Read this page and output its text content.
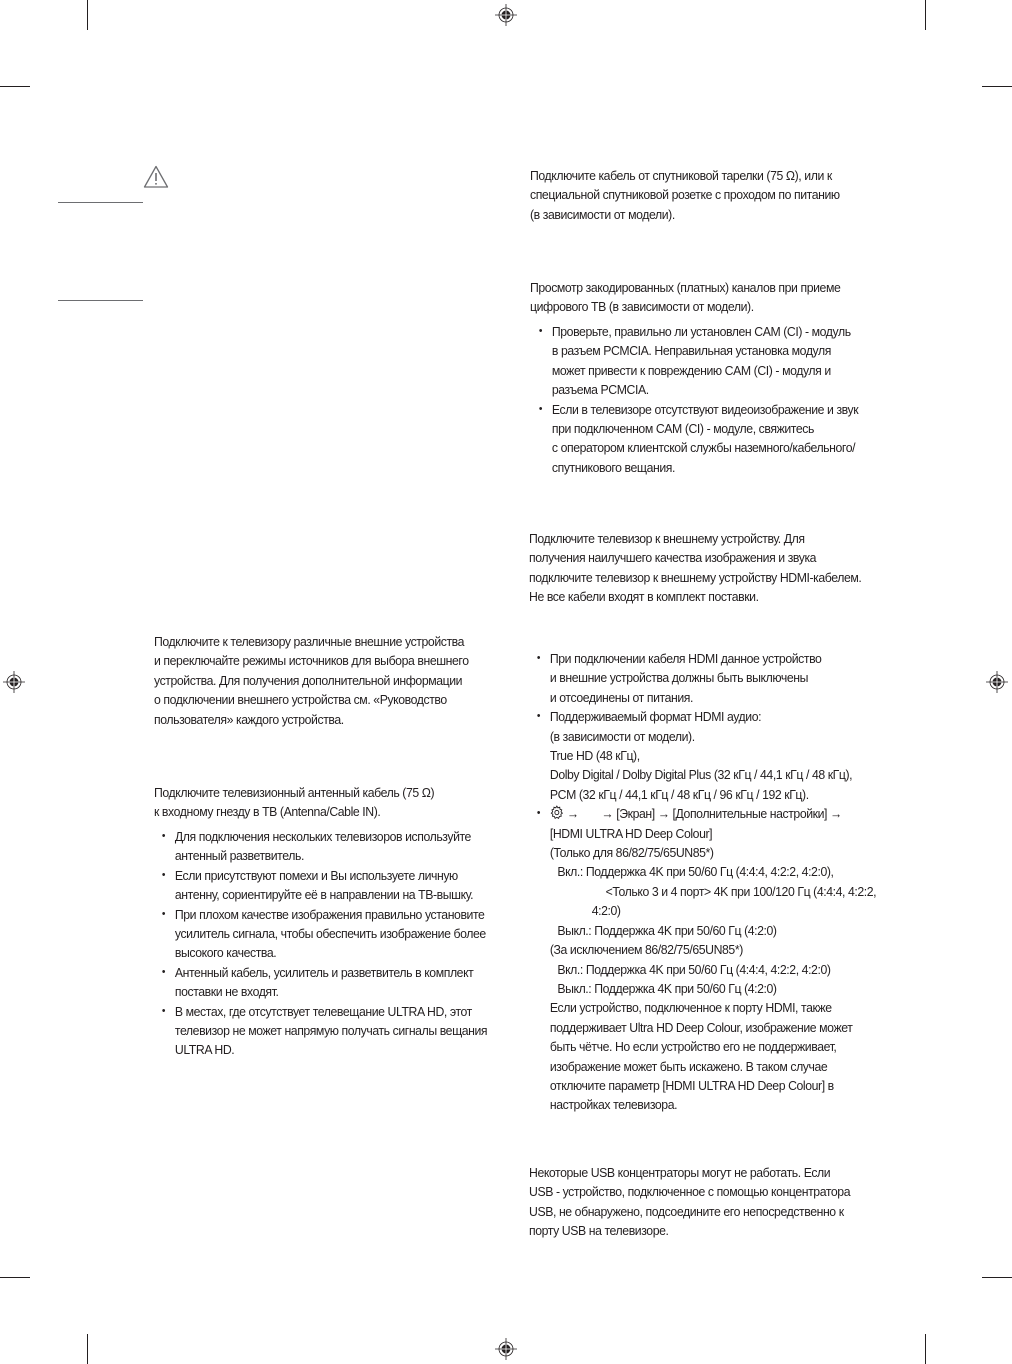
Подключите к телевизору различные внешние устройства
и переключайте режимы источников для выбора внешнего
устройства. Для получения дополнительной информации
о подключении внешнего устройства см. «Руководство
пользователя» каждого устройства.
Подключите телевизионный антенный кабель (75 Ω)
к входному гнезду в ТВ (Antenna/Cable IN).
• Для подключения нескольких телевизоров используйте
антенный разветвитель.
• Если присутствуют помехи и Вы используете личную
антенну, сориентируйте её в направлении на ТВ-вышку.
• При плохом качестве изображения правильно установите
усилитель сигнала, чтобы обеспечить изображение более
высокого качества.
• Антенный кабель, усилитель и разветвитель в комплект
поставки не входят.
• В местах, где отсутствует телевещание ULTRA HD, этот
телевизор не может напрямую получать сигналы вещания
ULTRA HD.
Подключите кабель от спутниковой тарелки (75 Ω), или к
специальной спутниковой розетке с проходом по питанию
(в зависимости от модели).
Просмотр закодированных (платных) каналов при приеме
цифрового ТВ (в зависимости от модели).
• Проверьте, правильно ли установлен CAM (CI) - модуль
в разъем PCMCIA. Неправильная установка модуля
может привести к повреждению CAM (CI) - модуля и
разъема PCMCIA.
• Если в телевизоре отсутствуют видеоизображение и звук
при подключенном CAM (CI) - модуле, свяжитесь
с оператором клиентской службы наземного/кабельного/
спутникового вещания.
Подключите телевизор к внешнему устройству. Для
получения наилучшего качества изображения и звука
подключите телевизор к внешнему устройству HDMI-кабелем.
Не все кабели входят в комплект поставки.
• При подключении кабеля HDMI данное устройство
и внешние устройства должны быть выключены
и отсоединены от питания.
• Поддерживаемый формат HDMI аудио:
(в зависимости от модели).
True HD (48 кГц),
Dolby Digital / Dolby Digital Plus (32 кГц / 44,1 кГц / 48 кГц),
PCM (32 кГц / 44,1 кГц / 48 кГц / 96 кГц / 192 кГц).
• → → [Экран] → [Дополнительные настройки] →
[HDMI ULTRA HD Deep Colour]
(Только для 86/82/75/65UN85*)
Вкл.: Поддержка 4K при 50/60 Гц (4:4:4, 4:2:2, 4:2:0),
<Только 3 и 4 порт> 4K при 100/120 Гц (4:4:4, 4:2:2,
4:2:0)
Выкл.: Поддержка 4K при 50/60 Гц (4:2:0)
(За исключением 86/82/75/65UN85*)
Вкл.: Поддержка 4K при 50/60 Гц (4:4:4, 4:2:2, 4:2:0)
Выкл.: Поддержка 4K при 50/60 Гц (4:2:0)
Если устройство, подключенное к порту HDMI, также
поддерживает Ultra HD Deep Colour, изображение может
быть чётче. Но если устройство его не поддерживает,
изображение может быть искажено. В таком случае
отключите параметр [HDMI ULTRA HD Deep Colour] в
настройках телевизора.
Некоторые USB концентраторы могут не работать. Если
USB - устройство, подключенное с помощью концентратора
USB, не обнаружено, подсоедините его непосредственно к
порту USB на телевизоре.
